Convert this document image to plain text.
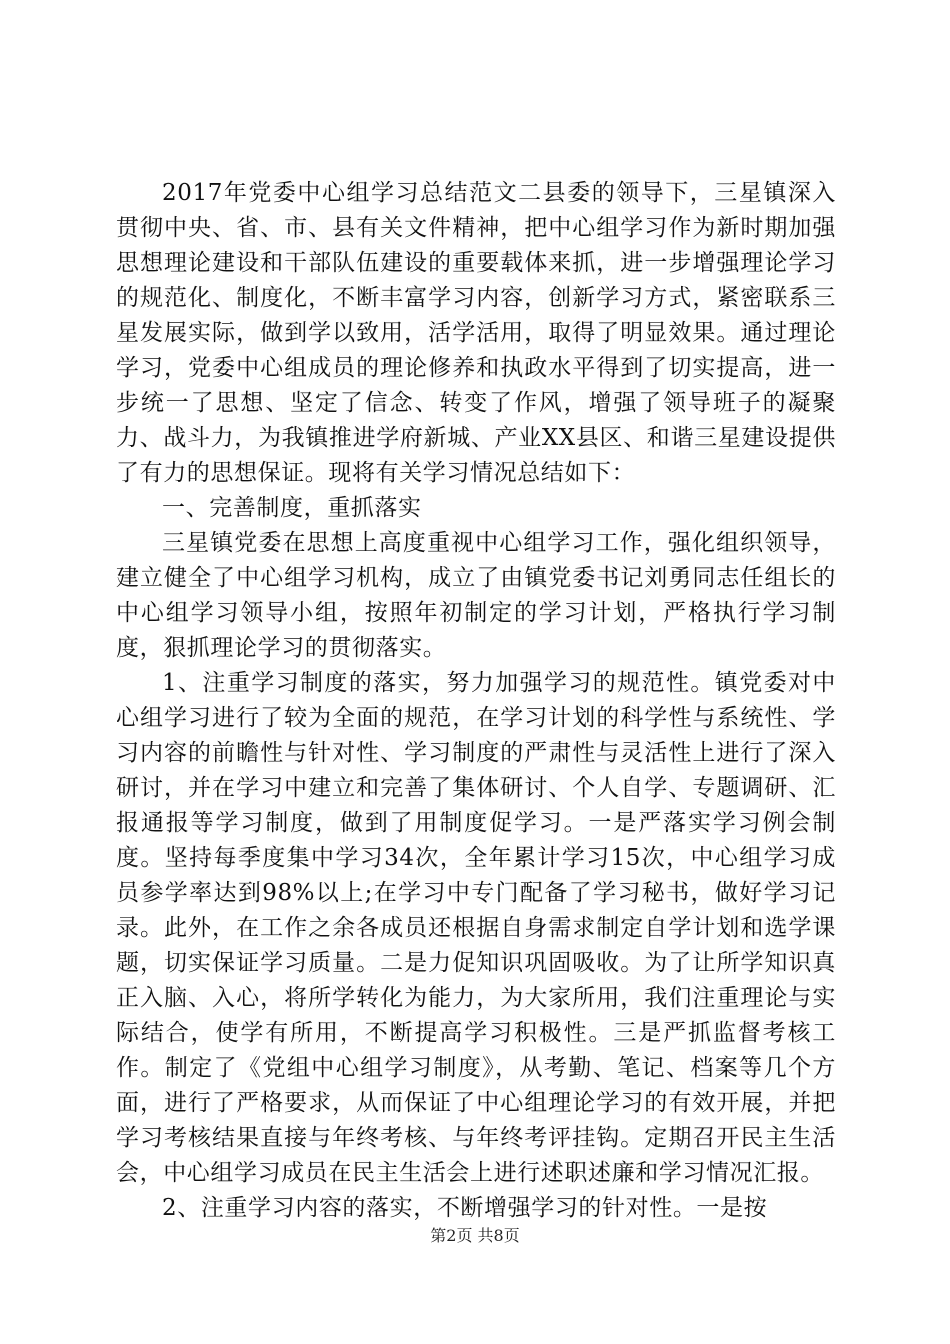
2017年党委中心组学习总结范文二县委的领导下，三星镇深入贯彻中央、省、市、县有关文件精神，把中心组学习作为新时期加强思想理论建设和干部队伍建设的重要载体来抓，进一步增强理论学习的规范化、制度化，不断丰富学习内容，创新学习方式，紧密联系三星发展实际，做到学以致用，活学活用，取得了明显效果。通过理论学习，党委中心组成员的理论修养和执政水平得到了切实提高，进一步统一了思想、坚定了信念、转变了作风，增强了领导班子的凝聚力、战斗力，为我镇推进学府新城、产业XX县区、和谐三星建设提供了有力的思想保证。现将有关学习情况总结如下：

一、完善制度，重抓落实

三星镇党委在思想上高度重视中心组学习工作，强化组织领导，建立健全了中心组学习机构，成立了由镇党委书记刘勇同志任组长的中心组学习领导小组，按照年初制定的学习计划，严格执行学习制度，狠抓理论学习的贯彻落实。

1、注重学习制度的落实，努力加强学习的规范性。镇党委对中心组学习进行了较为全面的规范，在学习计划的科学性与系统性、学习内容的前瞻性与针对性、学习制度的严肃性与灵活性上进行了深入研讨，并在学习中建立和完善了集体研讨、个人自学、专题调研、汇报通报等学习制度，做到了用制度促学习。一是严落实学习例会制度。坚持每季度集中学习34次，全年累计学习15次，中心组学习成员参学率达到98%以上;在学习中专门配备了学习秘书，做好学习记录。此外，在工作之余各成员还根据自身需求制定自学计划和选学课题，切实保证学习质量。二是力促知识巩固吸收。为了让所学知识真正入脑、入心，将所学转化为能力，为大家所用，我们注重理论与实际结合，使学有所用，不断提高学习积极性。三是严抓监督考核工作。制定了《党组中心组学习制度》，从考勤、笔记、档案等几个方面，进行了严格要求，从而保证了中心组理论学习的有效开展，并把学习考核结果直接与年终考核、与年终考评挂钩。定期召开民主生活会，中心组学习成员在民主生活会上进行述职述廉和学习情况汇报。

2、注重学习内容的落实，不断增强学习的针对性。一是按

第2页 共8页
